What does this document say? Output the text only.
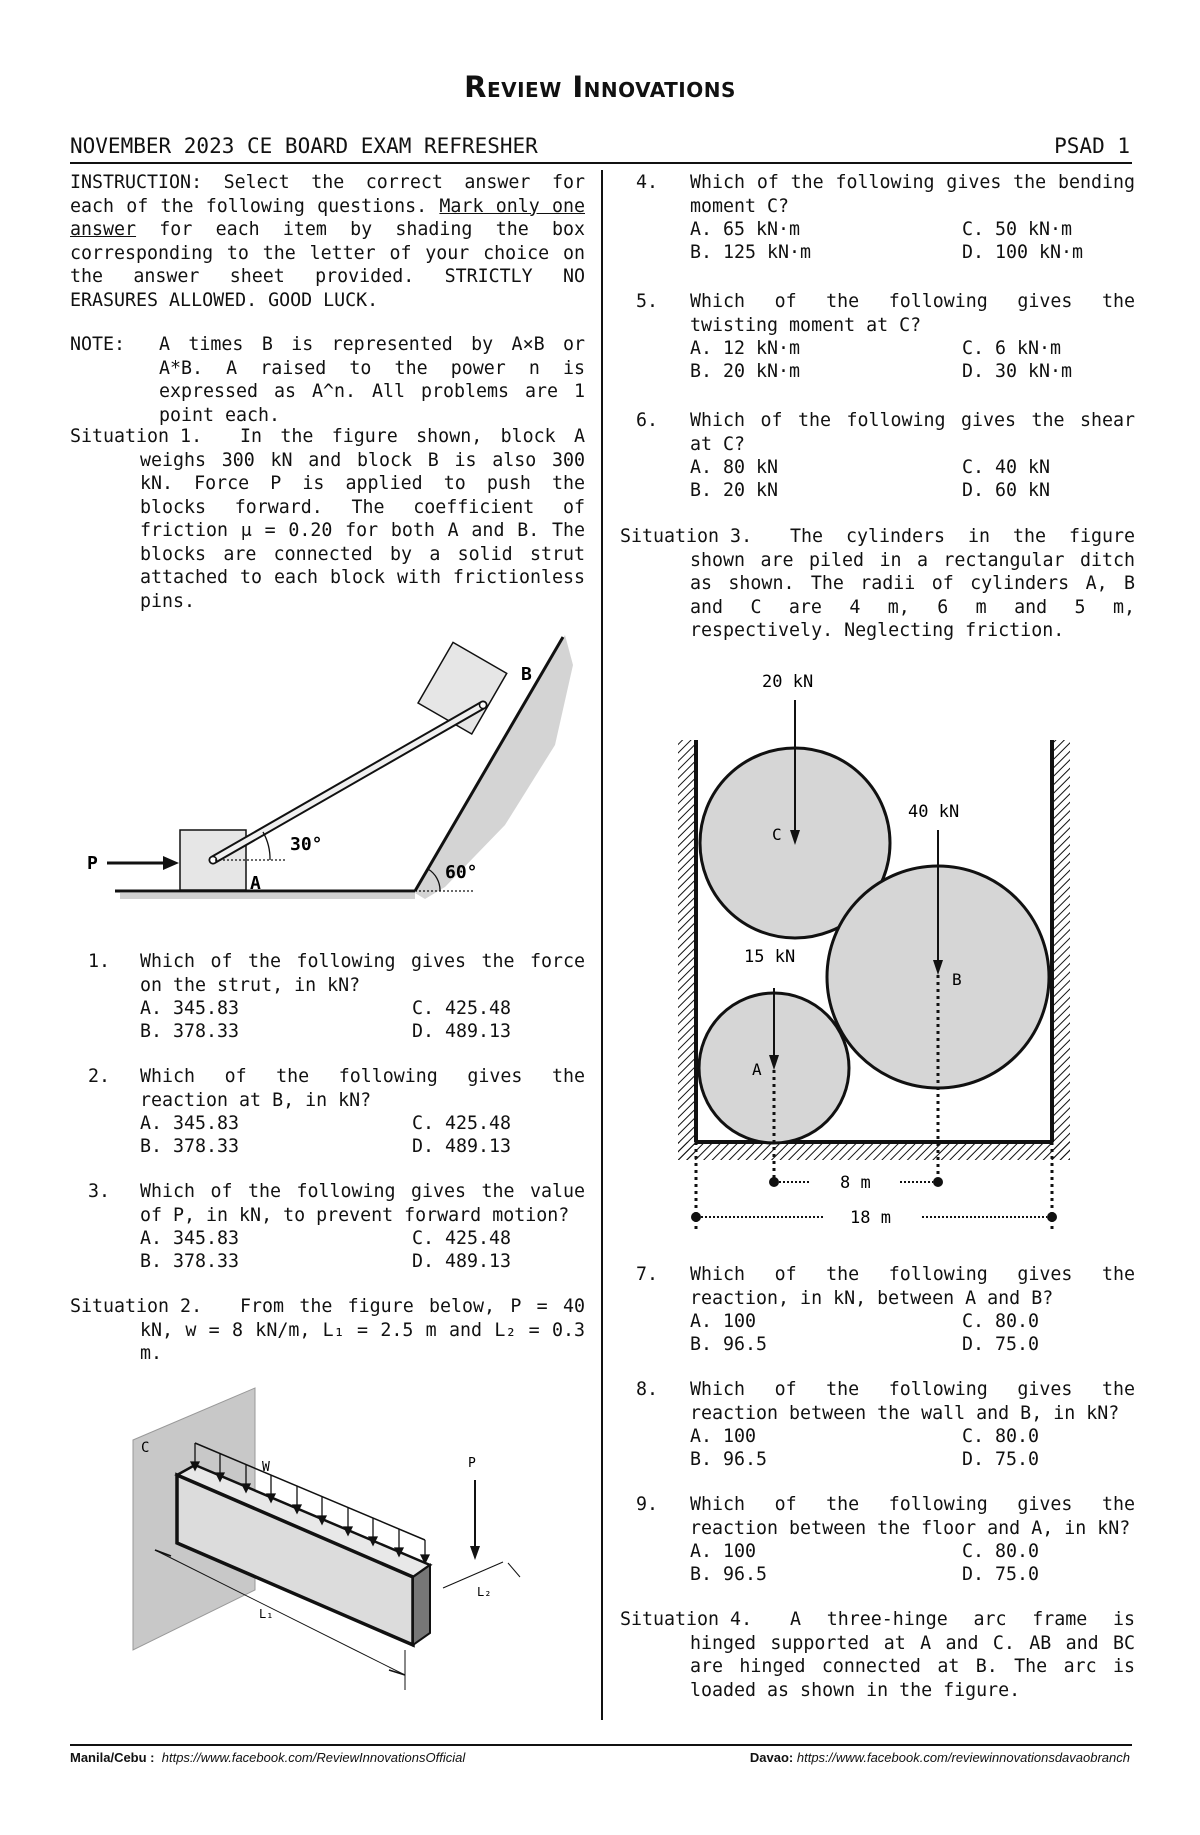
Review Innovations
NOVEMBER 2023 CE BOARD EXAM REFRESHER	PSAD 1
INSTRUCTION: Select the correct answer for each of the following questions. Mark only one answer for each item by shading the box corresponding to the letter of your choice on the answer sheet provided. STRICTLY NO ERASURES ALLOWED. GOOD LUCK.
NOTE: A times B is represented by A×B or A*B. A raised to the power n is expressed as A^n. All problems are 1 point each.
Situation 1. In the figure shown, block A weighs 300 kN and block B is also 300 kN. Force P is applied to push the blocks forward. The coefficient of friction μ = 0.20 for both A and B. The blocks are connected by a solid strut attached to each block with frictionless pins.
30°
60°
P
A
B
1. Which of the following gives the force on the strut, in kN?
A. 345.83	C. 425.48
B. 378.33	D. 489.13
2. Which of the following gives the reaction at B, in kN?
A. 345.83	C. 425.48
B. 378.33	D. 489.13
3. Which of the following gives the value of P, in kN, to prevent forward motion?
A. 345.83	C. 425.48
B. 378.33	D. 489.13
Situation 2. From the figure below, P = 40 kN, w = 8 kN/m, L₁ = 2.5 m and L₂ = 0.3 m.
C
W	P
L₂
L₁
4. Which of the following gives the bending moment C?
A. 65 kN·m	C. 50 kN·m
B. 125 kN·m	D. 100 kN·m
5. Which of the following gives the twisting moment at C?
A. 12 kN·m	C. 6 kN·m
B. 20 kN·m	D. 30 kN·m
6. Which of the following gives the shear at C?
A. 80 kN	C. 40 kN
B. 20 kN	D. 60 kN
Situation 3. The cylinders in the figure shown are piled in a rectangular ditch as shown. The radii of cylinders A, B and C are 4 m, 6 m and 5 m, respectively. Neglecting friction.
20 kN
40 kN
15 kN
C
B
A
8 m
18 m
7. Which of the following gives the reaction, in kN, between A and B?
A. 100	C. 80.0
B. 96.5	D. 75.0
8. Which of the following gives the reaction between the wall and B, in kN?
A. 100	C. 80.0
B. 96.5	D. 75.0
9. Which of the following gives the reaction between the floor and A, in kN?
A. 100	C. 80.0
B. 96.5	D. 75.0
Situation 4. A three-hinge arc frame is hinged supported at A and C. AB and BC are hinged connected at B. The arc is loaded as shown in the figure.
Manila/Cebu : https://www.facebook.com/ReviewInnovationsOfficial	Davao: https://www.facebook.com/reviewinnovationsdavaobranch
